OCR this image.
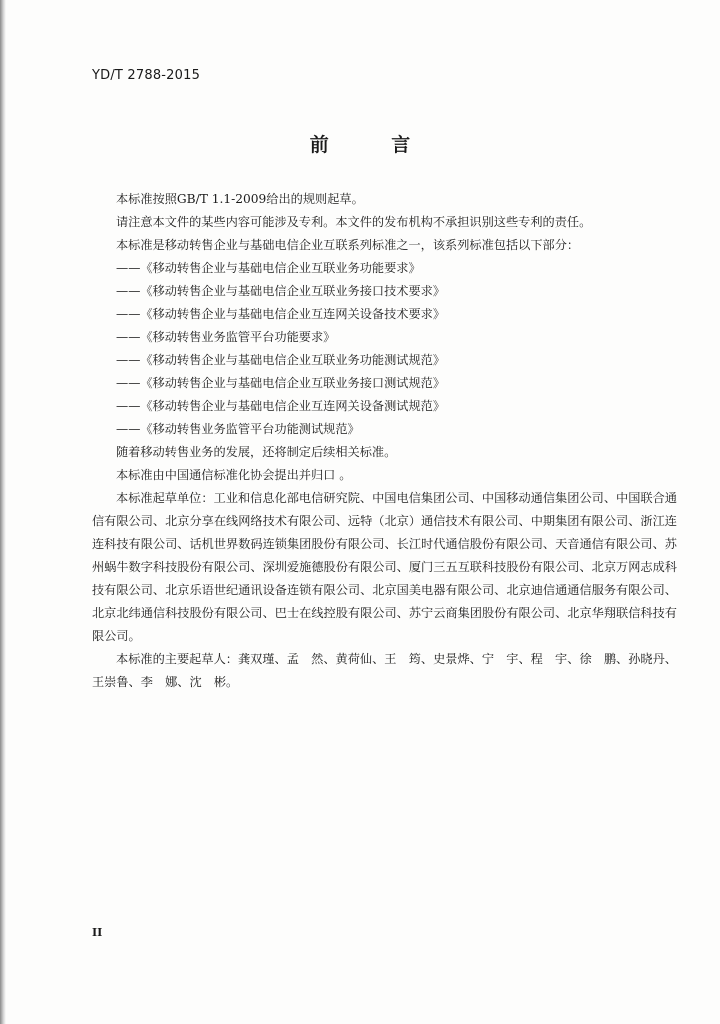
YD/T 2788-2015
前 言

本标准按照GB/T 1.1-2009给出的规则起草。

请注意本文件的某些内容可能涉及专利。本文件的发布机构不承担识别这些专利的责任。

本标准是移动转售企业与基础电信企业互联系列标准之一，该系列标准包括以下部分：

——《移动转售企业与基础电信企业互联业务功能要求》

——《移动转售企业与基础电信企业互联业务接口技术要求》

——《移动转售企业与基础电信企业互连网关设备技术要求》

——《移动转售业务监管平台功能要求》

——《移动转售企业与基础电信企业互联业务功能测试规范》

——《移动转售企业与基础电信企业互联业务接口测试规范》

——《移动转售企业与基础电信企业互连网关设备测试规范》

——《移动转售业务监管平台功能测试规范》

随着移动转售业务的发展，还将制定后续相关标准。

本标准由中国通信标准化协会提出并归口 。

本标准起草单位：工业和信息化部电信研究院、中国电信集团公司、中国移动通信集团公司、中国联合通信有限公司、北京分享在线网络技术有限公司、远特（北京）通信技术有限公司、中期集团有限公司、浙江连连科技有限公司、话机世界数码连锁集团股份有限公司、长江时代通信股份有限公司、天音通信有限公司、苏州蜗牛数字科技股份有限公司、深圳爱施德股份有限公司、厦门三五互联科技股份有限公司、北京万网志成科技有限公司、北京乐语世纪通讯设备连锁有限公司、北京国美电器有限公司、北京迪信通通信服务有限公司、北京北纬通信科技股份有限公司、巴士在线控股有限公司、苏宁云商集团股份有限公司、北京华翔联信科技有限公司。

本标准的主要起草人：龚双瑾、孟　然、黄荷仙、王　筠、史景烨、宁　宇、程　宇、徐　鹏、孙晓丹、王崇鲁、李　娜、沈　彬。

II
